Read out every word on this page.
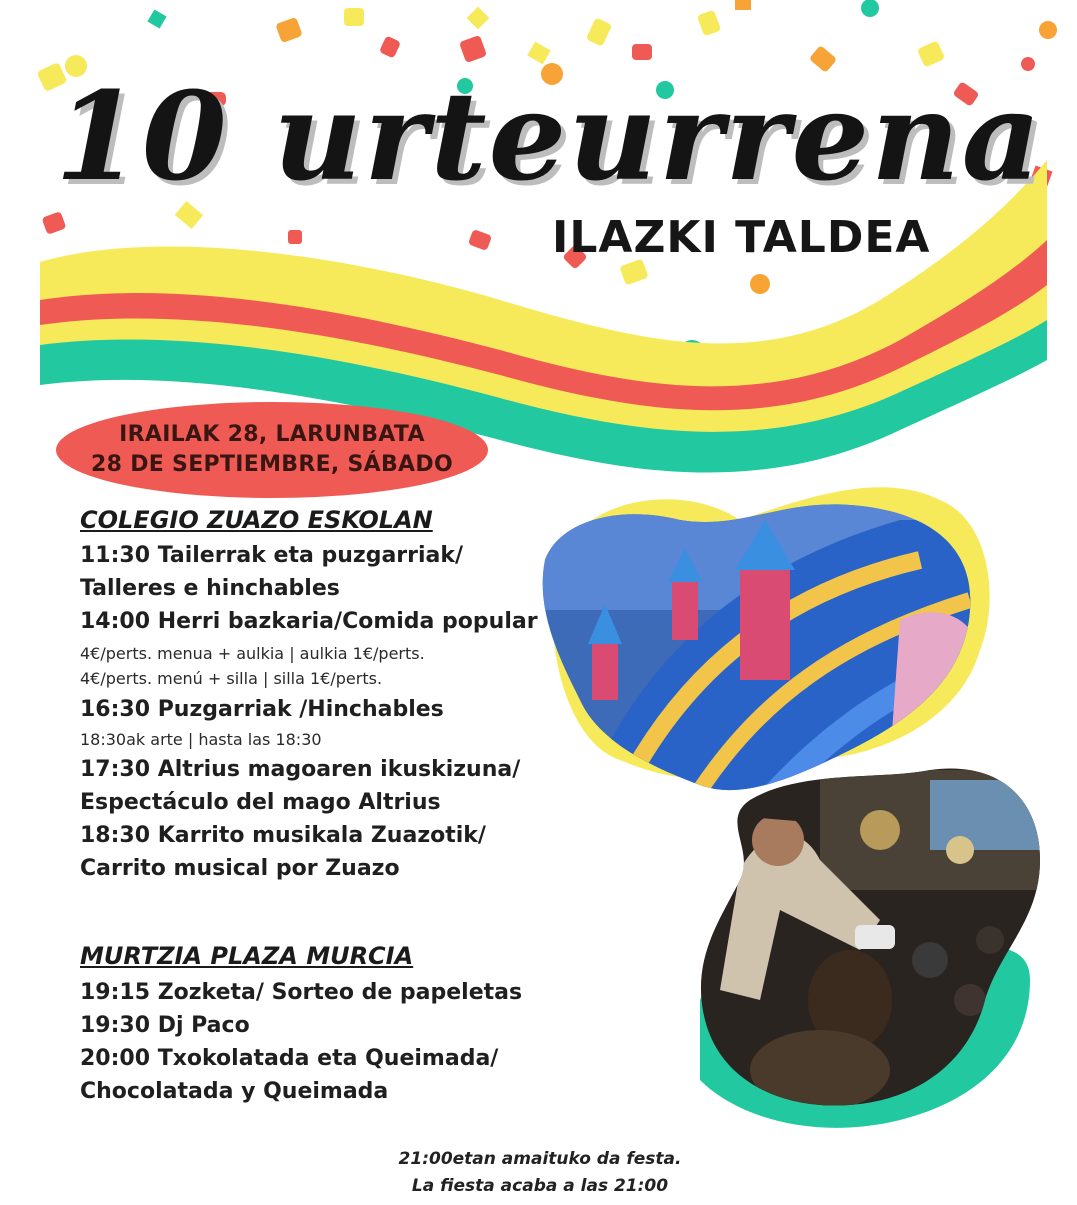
10 urteurrena
ILAZKI TALDEA
IRAILAK 28, LARUNBATA
28 DE SEPTIEMBRE, SÁBADO
COLEGIO ZUAZO ESKOLAN
11:30 Tailerrak eta puzgarriak/
Talleres e hinchables
14:00 Herri bazkaria/Comida popular
4€/perts. menua + aulkia | aulkia 1€/perts.
4€/perts. menú + silla | silla 1€/perts.
16:30 Puzgarriak /Hinchables
18:30ak arte | hasta las 18:30
17:30 Altrius magoaren ikuskizuna/
Espectáculo del mago Altrius
18:30 Karrito musikala Zuazotik/
Carrito musical por Zuazo
MURTZIA PLAZA MURCIA
19:15 Zozketa/ Sorteo de papeletas
19:30 Dj Paco
20:00 Txokolatada eta Queimada/
Chocolatada y Queimada
21:00etan amaituko da festa.
La fiesta acaba a las 21:00
